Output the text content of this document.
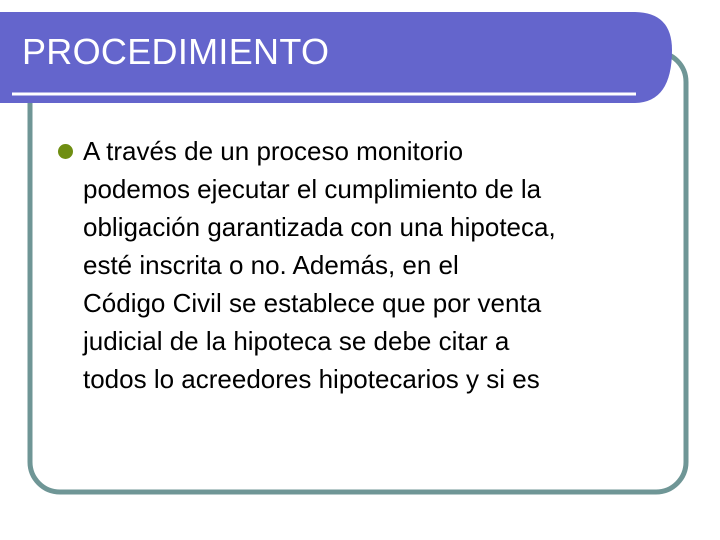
PROCEDIMIENTO
A través de un proceso monitorio
podemos ejecutar el cumplimiento de la
obligación garantizada con una hipoteca,
esté inscrita o no. Además, en el
Código Civil se establece que por venta
judicial de la hipoteca se debe citar a
todos lo acreedores hipotecarios y si es
